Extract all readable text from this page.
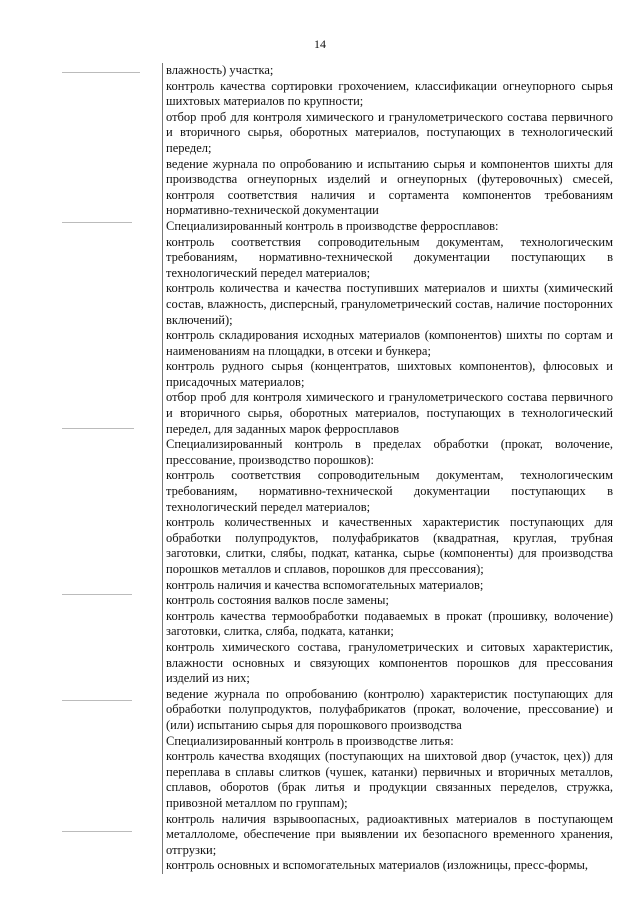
14

влажность) участка;

контроль качества сортировки грохочением, классификации огнеупорного сырья шихтовых материалов по крупности;

отбор проб для контроля химического и гранулометрического состава первичного и вторичного сырья, оборотных материалов, поступающих в технологический передел;

ведение журнала по опробованию и испытанию сырья и компонентов шихты для производства огнеупорных изделий и огнеупорных (футеровочных) смесей, контроля соответствия наличия и сортамента компонентов требованиям нормативно-технической документации

Специализированный контроль в производстве ферросплавов:

контроль соответствия сопроводительным документам, технологическим требованиям, нормативно-технической документации поступающих в технологический передел материалов;

контроль количества и качества поступивших материалов и шихты (химический состав, влажность, дисперсный, гранулометрический состав, наличие посторонних включений);

контроль складирования исходных материалов (компонентов) шихты по сортам и наименованиям на площадки, в отсеки и бункера;

контроль рудного сырья (концентратов, шихтовых компонентов), флюсовых и присадочных материалов;

отбор проб для контроля химического и гранулометрического состава первичного и вторичного сырья, оборотных материалов, поступающих в технологический передел, для заданных марок ферросплавов

Специализированный контроль в пределах обработки (прокат, волочение, прессование, производство порошков):

контроль соответствия сопроводительным документам, технологическим требованиям, нормативно-технической документации поступающих в технологический передел материалов;

контроль количественных и качественных характеристик поступающих для обработки полупродуктов, полуфабрикатов (квадратная, круглая, трубная заготовки, слитки, слябы, подкат, катанка, сырье (компоненты) для производства порошков металлов и сплавов, порошков для прессования);

контроль наличия и качества вспомогательных материалов;

контроль состояния валков после замены;

контроль качества термообработки подаваемых в прокат (прошивку, волочение) заготовки, слитка, сляба, подката, катанки;

контроль химического состава, гранулометрических и ситовых характеристик, влажности основных и связующих компонентов порошков для прессования изделий из них;

ведение журнала по опробованию (контролю) характеристик поступающих для обработки полупродуктов, полуфабрикатов (прокат, волочение, прессование) и (или) испытанию сырья для порошкового производства

Специализированный контроль в производстве литья:

контроль качества входящих (поступающих на шихтовой двор (участок, цех)) для переплава в сплавы слитков (чушек, катанки) первичных и вторичных металлов, сплавов, оборотов (брак литья и продукции связанных переделов, стружка, привозной металлом по группам);

контроль наличия взрывоопасных, радиоактивных материалов в поступающем металлоломе, обеспечение при выявлении их безопасного временного хранения, отгрузки;

контроль основных и вспомогательных материалов (изложницы, пресс-формы,
